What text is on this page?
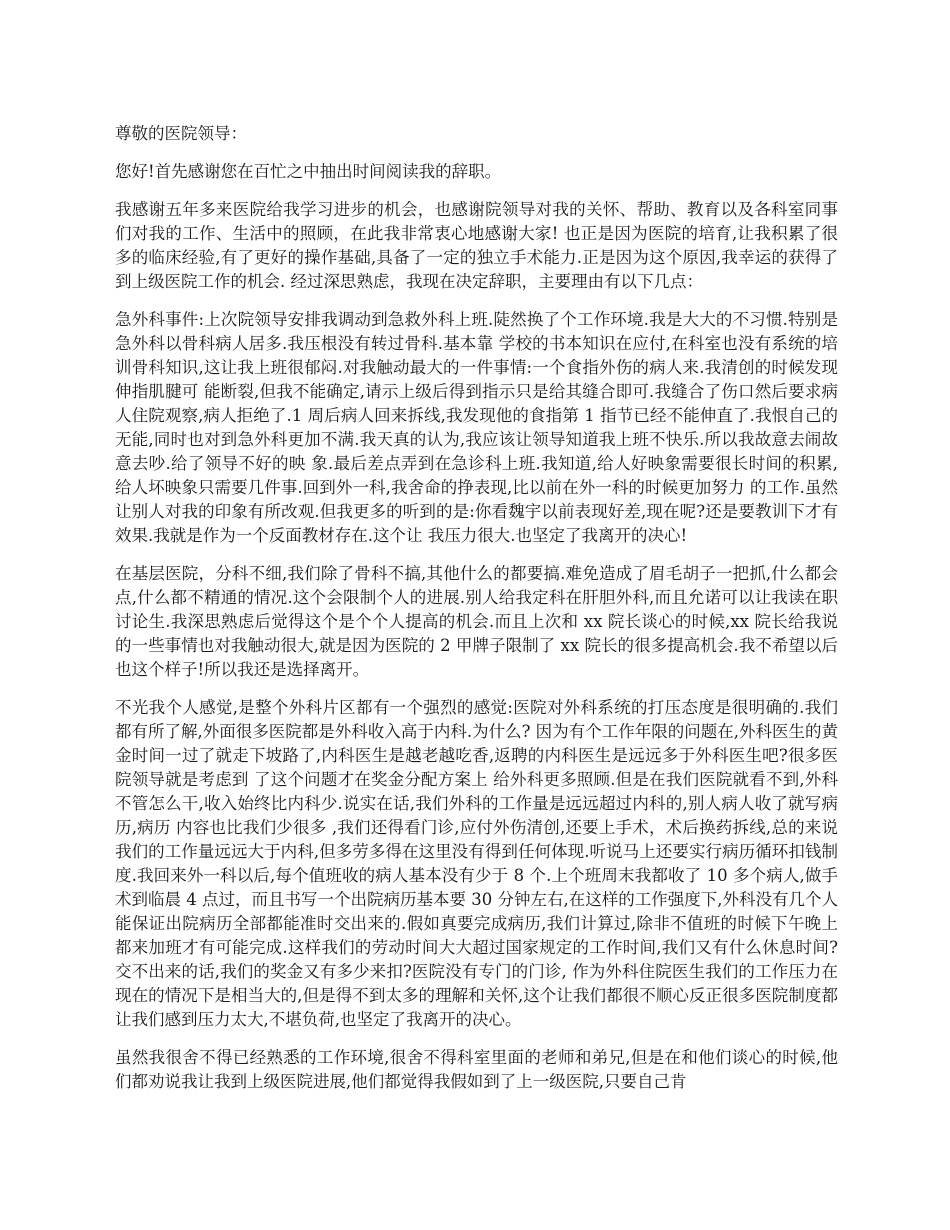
尊敬的医院领导：

您好!首先感谢您在百忙之中抽出时间阅读我的辞职。

我感谢五年多来医院给我学习进步的机会，也感谢院领导对我的关怀、帮助、教育以及各科室同事们对我的工作、生活中的照顾，在此我非常衷心地感谢大家! 也正是因为医院的培育,让我积累了很多的临床经验,有了更好的操作基础,具备了一定的独立手术能力.正是因为这个原因,我幸运的获得了到上级医院工作的机会. 经过深思熟虑，我现在决定辞职，主要理由有以下几点：

急外科事件:上次院领导安排我调动到急救外科上班.陡然换了个工作环境.我是大大的不习惯.特别是急外科以骨科病人居多.我压根没有转过骨科.基本靠 学校的书本知识在应付,在科室也没有系统的培训骨科知识,这让我上班很郁闷.对我触动最大的一件事情:一个食指外伤的病人来.我清创的时候发现伸指肌腱可 能断裂,但我不能确定,请示上级后得到指示只是给其缝合即可.我缝合了伤口然后要求病人住院观察,病人拒绝了.1 周后病人回来拆线,我发现他的食指第 1 指节已经不能伸直了.我恨自己的无能,同时也对到急外科更加不满.我天真的认为,我应该让领导知道我上班不快乐.所以我故意去闹故意去吵.给了领导不好的映 象.最后差点弄到在急诊科上班.我知道,给人好映象需要很长时间的积累,给人坏映象只需要几件事.回到外一科,我舍命的挣表现,比以前在外一科的时候更加努力 的工作.虽然让别人对我的印象有所改观.但我更多的听到的是:你看魏宇以前表现好差,现在呢?还是要教训下才有效果.我就是作为一个反面教材存在.这个让 我压力很大.也坚定了我离开的决心!

在基层医院，分科不细,我们除了骨科不搞,其他什么的都要搞.难免造成了眉毛胡子一把抓,什么都会点,什么都不精通的情况.这个会限制个人的进展.别人给我定科在肝胆外科,而且允诺可以让我读在职讨论生.我深思熟虑后觉得这个是个个人提高的机会.而且上次和 xx 院长谈心的时候,xx 院长给我说的一些事情也对我触动很大,就是因为医院的 2 甲牌子限制了 xx 院长的很多提高机会.我不希望以后也这个样子!所以我还是选择离开。

不光我个人感觉,是整个外科片区都有一个强烈的感觉:医院对外科系统的打压态度是很明确的.我们都有所了解,外面很多医院都是外科收入高于内科.为什么? 因为有个工作年限的问题在,外科医生的黄金时间一过了就走下坡路了,内科医生是越老越吃香,返聘的内科医生是远远多于外科医生吧?很多医院领导就是考虑到 了这个问题才在奖金分配方案上 给外科更多照顾.但是在我们医院就看不到,外科不管怎么干,收入始终比内科少.说实在话,我们外科的工作量是远远超过内科的,别人病人收了就写病历,病历 内容也比我们少很多 ,我们还得看门诊,应付外伤清创,还要上手术，术后换药拆线,总的来说我们的工作量远远大于内科,但多劳多得在这里没有得到任何体现.听说马上还要实行病历循环扣钱制度.我回来外一科以后,每个值班收的病人基本没有少于 8 个.上个班周末我都收了 10 多个病人,做手术到临晨 4 点过，而且书写一个出院病历基本要 30 分钟左右,在这样的工作强度下,外科没有几个人能保证出院病历全部都能准时交出来的.假如真要完成病历,我们计算过,除非不值班的时候下午晚上都来加班才有可能完成.这样我们的劳动时间大大超过国家规定的工作时间,我们又有什么休息时间?交不出来的话,我们的奖金又有多少来扣?医院没有专门的门诊, 作为外科住院医生我们的工作压力在现在的情况下是相当大的,但是得不到太多的理解和关怀,这个让我们都很不顺心反正很多医院制度都让我们感到压力太大,不堪负荷,也坚定了我离开的决心。

虽然我很舍不得已经熟悉的工作环境,很舍不得科室里面的老师和弟兄,但是在和他们谈心的时候,他们都劝说我让我到上级医院进展,他们都觉得我假如到了上一级医院,只要自己肯
